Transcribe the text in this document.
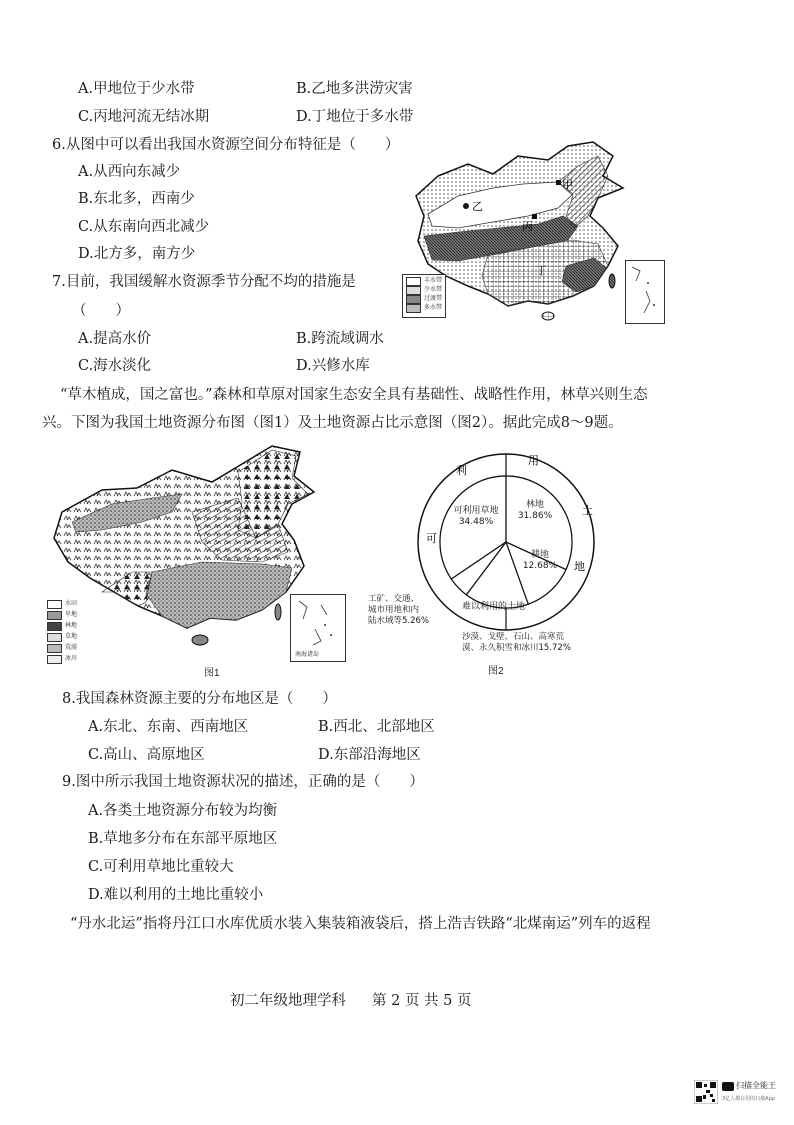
A.甲地位于少水带	B.乙地多洪涝灾害
C.丙地河流无结冰期	D.丁地位于多水带
6.从图中可以看出我国水资源空间分布特征是（　　）
A.从西向东减少
B.东北多，西南少
C.从东南向西北减少
D.北方多，南方少
7.目前，我国缓解水资源季节分配不均的措施是
（　　）
A.提高水价	B.跨流域调水
C.海水淡化	D.兴修水库
甲
乙
丙
丁
丰水带
少水带
过渡带
多水带
“草木植成，国之富也。”森林和草原对国家生态安全具有基础性、战略性作用，林草兴则生态
兴。下图为我国土地资源分布图（图1）及土地资源占比示意图（图2）。据此完成8～9题。
水田
旱地
林地
草地
荒漠
冰川
南海诸岛
图1
利
用
土
地
可
可利用草地
34.48%
林地
31.86%
耕地
12.68%
难以利用的土地
工矿、交通、
城市用地和内
陆水域等5.26%
沙漠、戈壁、石山、高寒荒
漠、永久积雪和冰川15.72%
图2
8.我国森林资源主要的分布地区是（　　）
A.东北、东南、西南地区	B.西北、北部地区
C.高山、高原地区	D.东部沿海地区
9.图中所示我国土地资源状况的描述，正确的是（　　）
A.各类土地资源分布较为均衡
B.草地多分布在东部平原地区
C.可利用草地比重较大
D.难以利用的土地比重较小
“丹水北运”指将丹江口水库优质水装入集装箱液袋后，搭上浩吉铁路“北煤南运”列车的返程
初二年级地理学科 第 2 页 共 5 页
扫描全能王
3亿人都在用的扫描App
